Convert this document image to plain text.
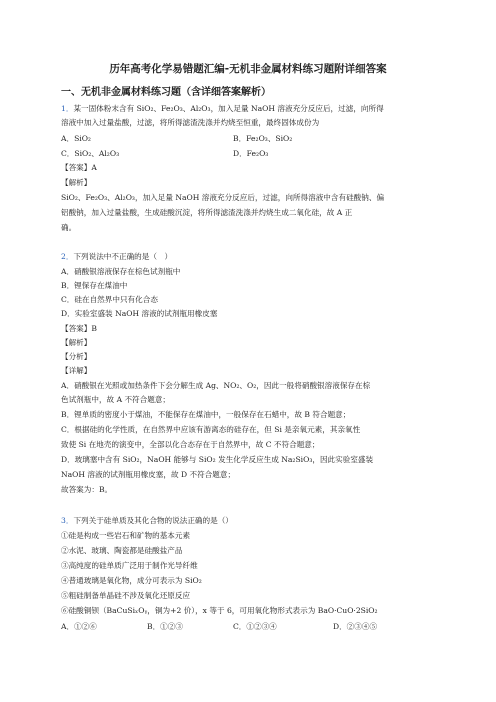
历年高考化学易错题汇编-无机非金属材料练习题附详细答案
一、无机非金属材料练习题（含详细答案解析）
1．某一固体粉末含有 SiO₂、Fe₂O₃、Al₂O₃，加入足量 NaOH 溶液充分反应后，过滤，向所得
溶液中加入过量盐酸，过滤，将所得滤渣洗涤并灼烧至恒重，最终固体成份为
A．SiO₂	B．Fe₂O₃、SiO₂
C．SiO₂、Al₂O₃	D．Fe₂O₃
【答案】A
【解析】
SiO₂、Fe₂O₃、Al₂O₃，加入足量 NaOH 溶液充分反应后，过滤，向所得溶液中含有硅酸钠、偏
铝酸钠，加入过量盐酸，生成硅酸沉淀，将所得滤渣洗涤并灼烧生成二氧化硅，故 A 正
确。
2．下列说法中不正确的是（　）
A．硝酸银溶液保存在棕色试剂瓶中
B．锂保存在煤油中
C．硅在自然界中只有化合态
D．实验室盛装 NaOH 溶液的试剂瓶用橡皮塞
【答案】B
【解析】
【分析】
【详解】
A．硝酸银在光照或加热条件下会分解生成 Ag、NO₂、O₂，因此一般将硝酸银溶液保存在棕
色试剂瓶中，故 A 不符合题意；
B．锂单质的密度小于煤油，不能保存在煤油中，一般保存在石蜡中，故 B 符合题意；
C．根据硅的化学性质，在自然界中应该有游离态的硅存在，但 Si 是亲氧元素，其亲氧性
致使 Si 在地壳的演变中，全部以化合态存在于自然界中，故 C 不符合题意；
D．玻璃塞中含有 SiO₂，NaOH 能够与 SiO₂ 发生化学反应生成 Na₂SiO₃，因此实验室盛装
NaOH 溶液的试剂瓶用橡皮塞，故 D 不符合题意；
故答案为：B。
3．下列关于硅单质及其化合物的说法正确的是（）
①硅是构成一些岩石和矿物的基本元素
②水泥、玻璃、陶瓷都是硅酸盐产品
③高纯度的硅单质广泛用于制作光导纤维
④普通玻璃是氧化物，成分可表示为 SiO₂
⑤粗硅制备单晶硅不涉及氧化还原反应
⑥硅酸铜钡（BaCuSiₓOᵧ，铜为+2 价），x 等于 6，可用氧化物形式表示为 BaO·CuO·2SiO₂
A．①②⑥	B．①②③	C．①②③④	D．②③④⑤
